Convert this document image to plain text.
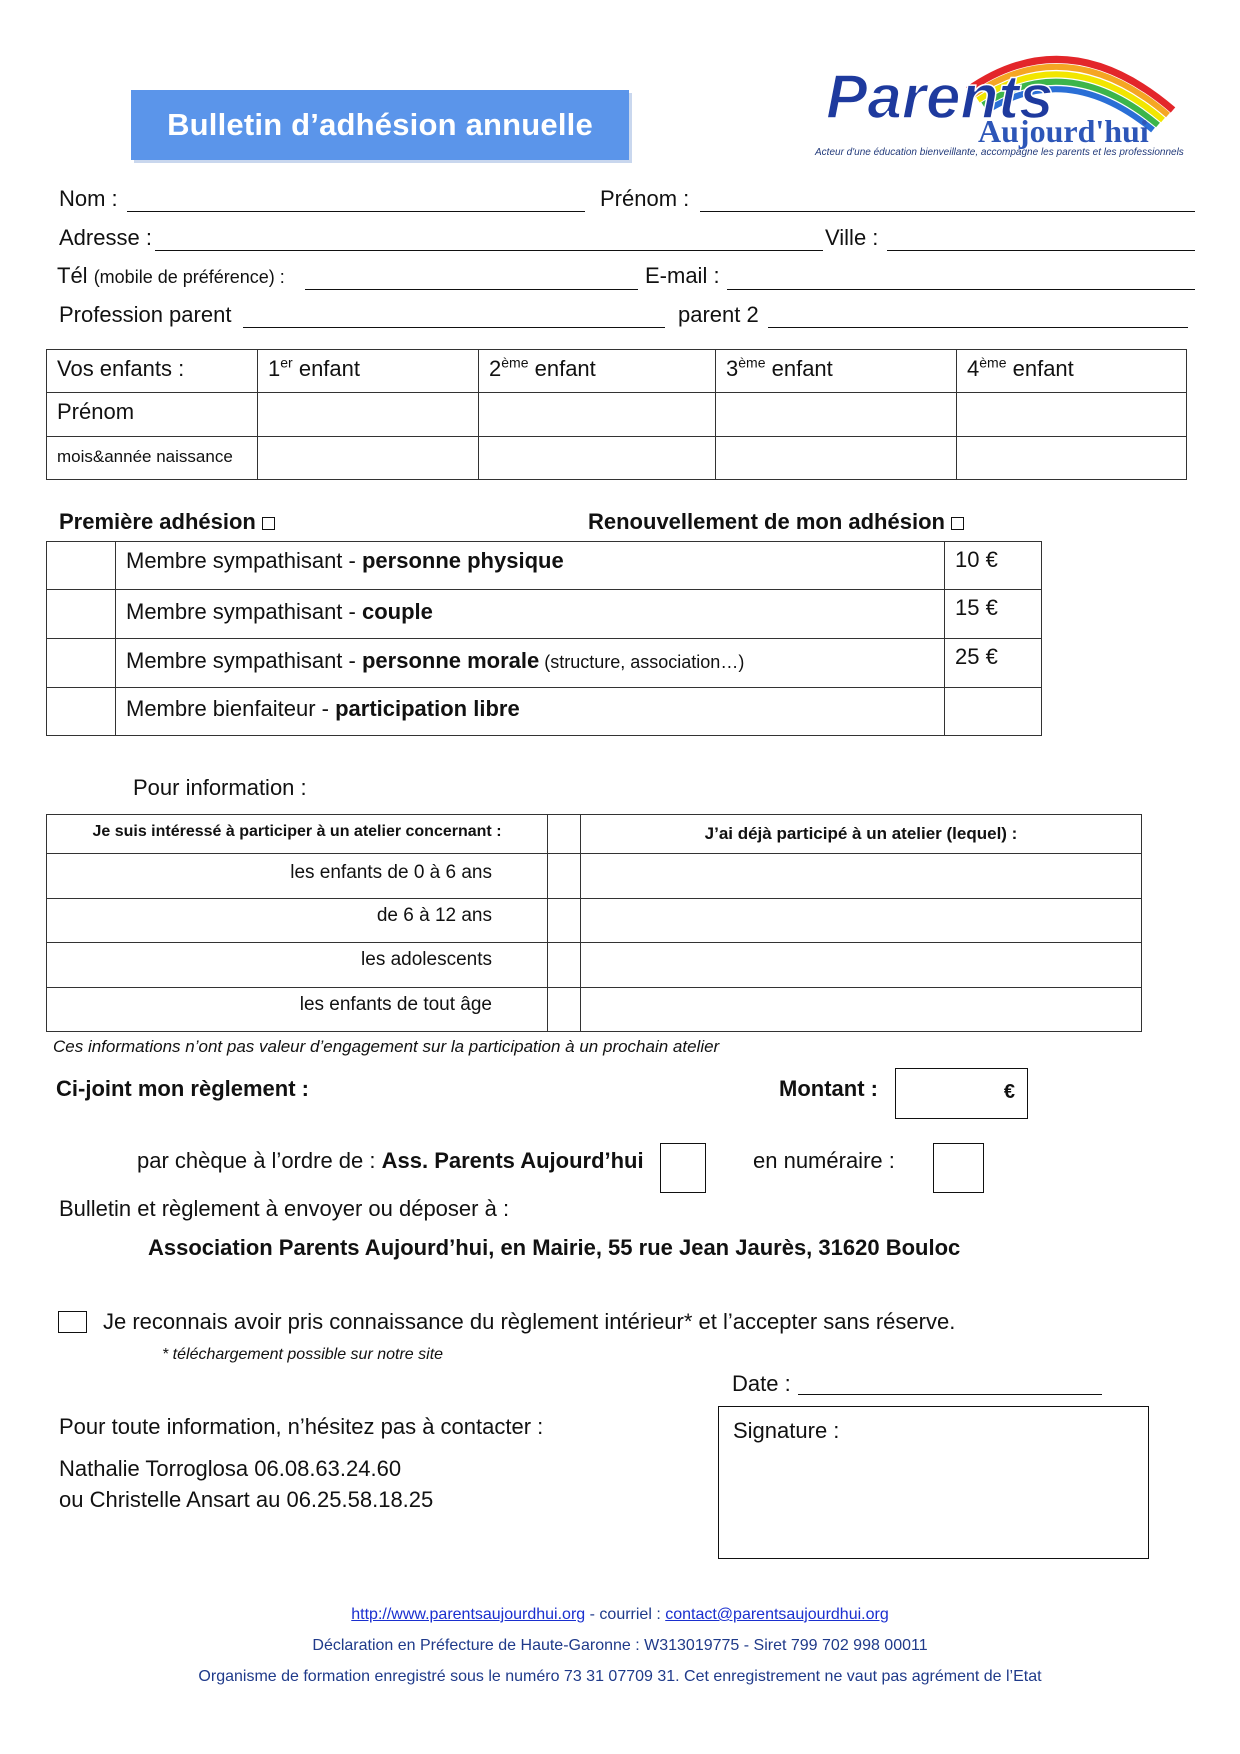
Bulletin d’adhésion annuelle	Parents
Aujourd'hui
Acteur d'une éducation bienveillante, accompagne les parents et les professionnels
Nom :	Prénom :
Adresse :	Ville :
Tél (mobile de préférence) :	E-mail :
Profession parent	parent 2
Vos enfants :	1er enfant	2ème enfant	3ème enfant	4ème enfant
Prénom				
mois&année naissance				
Première adhésion	Renouvellement de mon adhésion
	Membre sympathisant - personne physique	10 €
	Membre sympathisant - couple	15 €
	Membre sympathisant - personne morale (structure, association…)	25 €
	Membre bienfaiteur - participation libre	
Pour information :
Je suis intéressé à participer à un atelier concernant :		J’ai déjà participé à un atelier (lequel) :
les enfants de 0 à 6 ans		
de 6 à 12 ans		
les adolescents		
les enfants de tout âge		
Ces informations n’ont pas valeur d’engagement sur la participation à un prochain atelier
Ci-joint mon règlement :	Montant :	€
par chèque à l’ordre de : Ass. Parents Aujourd’hui	en numéraire :
Bulletin et règlement à envoyer ou déposer à :
Association Parents Aujourd’hui, en Mairie, 55 rue Jean Jaurès, 31620 Bouloc
Je reconnais avoir pris connaissance du règlement intérieur* et l’accepter sans réserve.
* téléchargement possible sur notre site
Date :
Signature :
Pour toute information, n’hésitez pas à contacter :
Nathalie Torroglosa 06.08.63.24.60
ou Christelle Ansart au 06.25.58.18.25
http://www.parentsaujourdhui.org - courriel : contact@parentsaujourdhui.org
Déclaration en Préfecture de Haute-Garonne : W313019775 - Siret 799 702 998 00011
Organisme de formation enregistré sous le numéro 73 31 07709 31. Cet enregistrement ne vaut pas agrément de l’Etat
